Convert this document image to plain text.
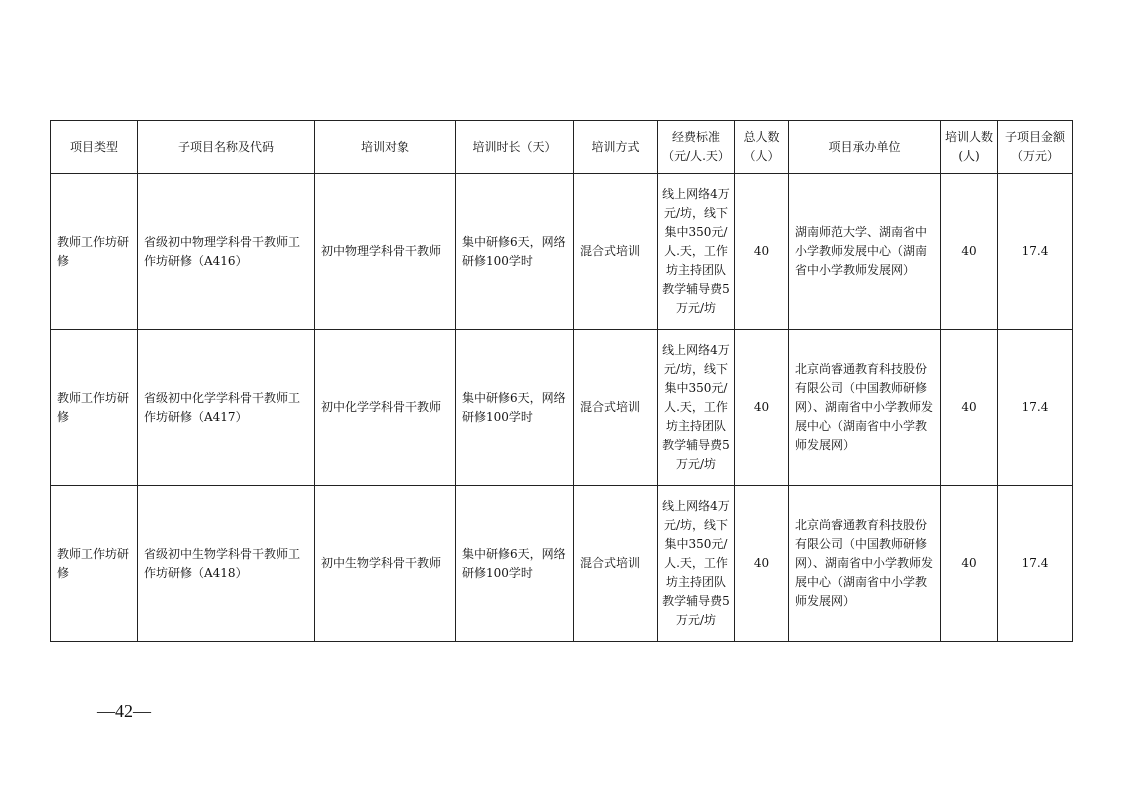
项目类型	子项目名称及代码	培训对象	培训时长（天）	培训方式	经费标准（元/人.天）	总人数（人）	项目承办单位	培训人数(人)	子项目金额（万元）
教师工作坊研修	省级初中物理学科骨干教师工作坊研修（A416）	初中物理学科骨干教师	集中研修6天，网络研修100学时	混合式培训	线上网络4万元/坊，线下集中350元/人.天，工作坊主持团队教学辅导费5万元/坊	40	湖南师范大学、湖南省中小学教师发展中心（湖南省中小学教师发展网）	40	17.4
教师工作坊研修	省级初中化学学科骨干教师工作坊研修（A417）	初中化学学科骨干教师	集中研修6天，网络研修100学时	混合式培训	线上网络4万元/坊，线下集中350元/人.天，工作坊主持团队教学辅导费5万元/坊	40	北京尚睿通教育科技股份有限公司（中国教师研修网）、湖南省中小学教师发展中心（湖南省中小学教师发展网）	40	17.4
教师工作坊研修	省级初中生物学科骨干教师工作坊研修（A418）	初中生物学科骨干教师	集中研修6天，网络研修100学时	混合式培训	线上网络4万元/坊，线下集中350元/人.天，工作坊主持团队教学辅导费5万元/坊	40	北京尚睿通教育科技股份有限公司（中国教师研修网）、湖南省中小学教师发展中心（湖南省中小学教师发展网）	40	17.4
—42—
